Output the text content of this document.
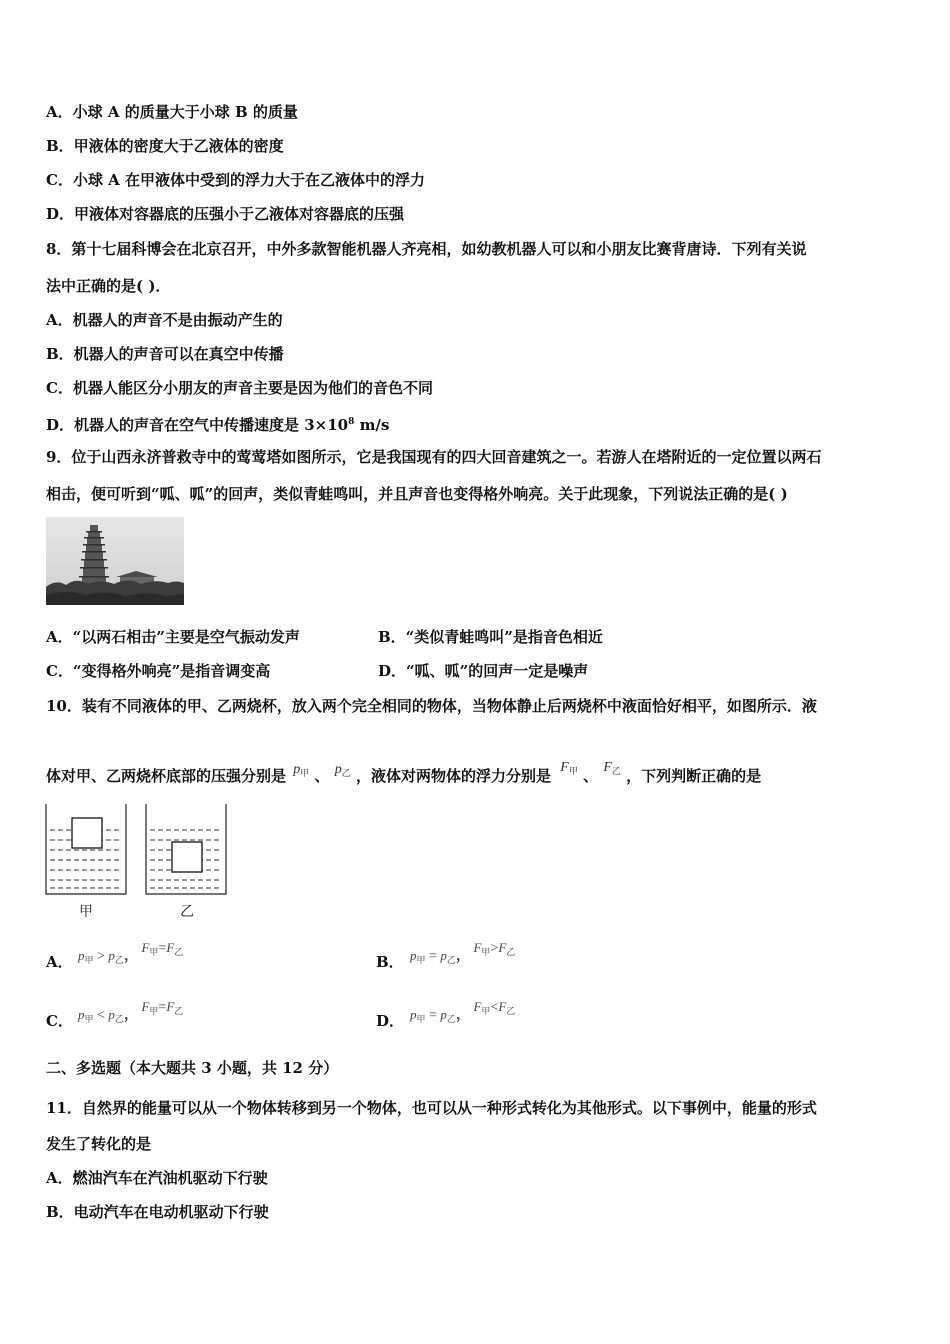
A．小球 A 的质量大于小球 B 的质量
B．甲液体的密度大于乙液体的密度
C．小球 A 在甲液体中受到的浮力大于在乙液体中的浮力
D．甲液体对容器底的压强小于乙液体对容器底的压强
8．第十七届科博会在北京召开，中外多款智能机器人齐亮相，如幼教机器人可以和小朋友比赛背唐诗．下列有关说
法中正确的是( )．
A．机器人的声音不是由振动产生的
B．机器人的声音可以在真空中传播
C．机器人能区分小朋友的声音主要是因为他们的音色不同
D．机器人的声音在空气中传播速度是 $3\times 10^8$ m/s
9．位于山西永济普救寺中的莺莺塔如图所示，它是我国现有的四大回音建筑之一。若游人在塔附近的一定位置以两石
相击，便可听到“呱、呱”的回声，类似青蛙鸣叫，并且声音也变得格外响亮。关于此现象，下列说法正确的是( )
A．“以两石相击”主要是空气振动发声	B．“类似青蛙鸣叫”是指音色相近
C．“变得格外响亮”是指音调变高	D．“呱、呱”的回声一定是噪声
10．装有不同液体的甲、乙两烧杯，放入两个完全相同的物体，当物体静止后两烧杯中液面恰好相平，如图所示．液
体对甲、乙两烧杯底部的压强分别是 $p_甲$ 、 $p_乙$ ，液体对两物体的浮力分别是 $F_甲$ 、 $F_乙$ ，下列判断正确的是
甲	乙
A． $p_甲 > p_乙$， $F_甲=F_乙$
B． $p_甲 = p_乙$， $F_甲>F_乙$
C． $p_甲 < p_乙$， $F_甲=F_乙$
D． $p_甲 = p_乙$， $F_甲<F_乙$
二、多选题（本大题共 3 小题，共 12 分）
11．自然界的能量可以从一个物体转移到另一个物体，也可以从一种形式转化为其他形式。以下事例中，能量的形式
发生了转化的是
A．燃油汽车在汽油机驱动下行驶
B．电动汽车在电动机驱动下行驶
